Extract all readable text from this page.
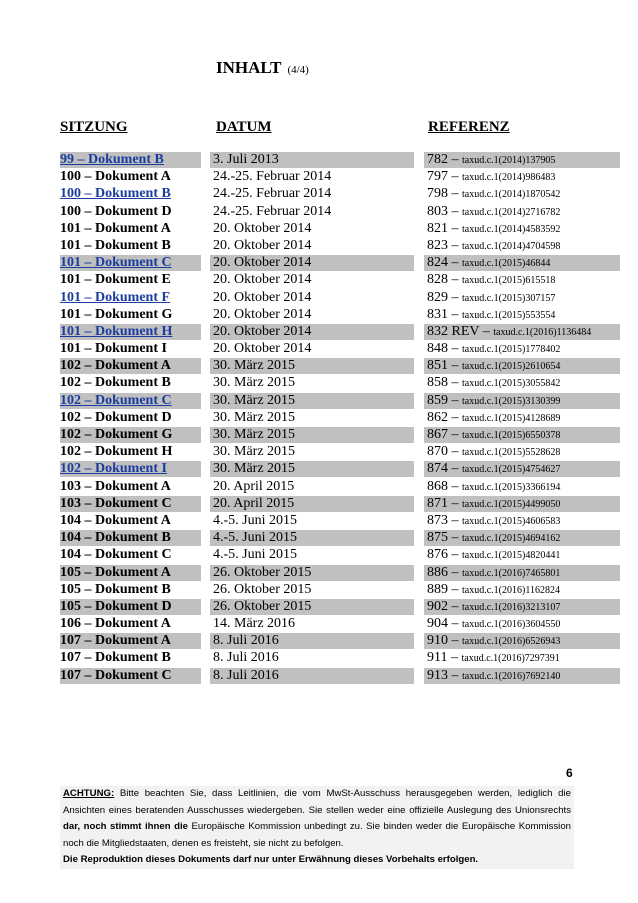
INHALT (4/4)
SITZUNG	DATUM	REFERENZ
99 – Dokument B	3. Juli 2013	782 – taxud.c.1(2014)137905
100 – Dokument A	24.-25. Februar 2014	797 – taxud.c.1(2014)986483
100 – Dokument B	24.-25. Februar 2014	798 – taxud.c.1(2014)1870542
100 – Dokument D	24.-25. Februar 2014	803 – taxud.c.1(2014)2716782
101 – Dokument A	20. Oktober 2014	821 – taxud.c.1(2014)4583592
101 – Dokument B	20. Oktober 2014	823 – taxud.c.1(2014)4704598
101 – Dokument C	20. Oktober 2014	824 – taxud.c.1(2015)46844
101 – Dokument E	20. Oktober 2014	828 – taxud.c.1(2015)615518
101 – Dokument F	20. Oktober 2014	829 – taxud.c.1(2015)307157
101 – Dokument G	20. Oktober 2014	831 – taxud.c.1(2015)553554
101 – Dokument H	20. Oktober 2014	832 REV – taxud.c.1(2016)1136484
101 – Dokument I	20. Oktober 2014	848 – taxud.c.1(2015)1778402
102 – Dokument A	30. März 2015	851 – taxud.c.1(2015)2610654
102 – Dokument B	30. März 2015	858 – taxud.c.1(2015)3055842
102 – Dokument C	30. März 2015	859 – taxud.c.1(2015)3130399
102 – Dokument D	30. März 2015	862 – taxud.c.1(2015)4128689
102 – Dokument G	30. März 2015	867 – taxud.c.1(2015)6550378
102 – Dokument H	30. März 2015	870 – taxud.c.1(2015)5528628
102 – Dokument I	30. März 2015	874 – taxud.c.1(2015)4754627
103 – Dokument A	20. April 2015	868 – taxud.c.1(2015)3366194
103 – Dokument C	20. April 2015	871 – taxud.c.1(2015)4499050
104 – Dokument A	4.-5. Juni 2015	873 – taxud.c.1(2015)4606583
104 – Dokument B	4.-5. Juni 2015	875 – taxud.c.1(2015)4694162
104 – Dokument C	4.-5. Juni 2015	876 – taxud.c.1(2015)4820441
105 – Dokument A	26. Oktober 2015	886 – taxud.c.1(2016)7465801
105 – Dokument B	26. Oktober 2015	889 – taxud.c.1(2016)1162824
105 – Dokument D	26. Oktober 2015	902 – taxud.c.1(2016)3213107
106 – Dokument A	14. März 2016	904 – taxud.c.1(2016)3604550
107 – Dokument A	8. Juli 2016	910 – taxud.c.1(2016)6526943
107 – Dokument B	8. Juli 2016	911 – taxud.c.1(2016)7297391
107 – Dokument C	8. Juli 2016	913 – taxud.c.1(2016)7692140
6
ACHTUNG: Bitte beachten Sie, dass Leitlinien, die vom MwSt-Ausschuss herausgegeben werden, lediglich die Ansichten eines beratenden Ausschusses wiedergeben. Sie stellen weder eine offizielle Auslegung des Unionsrechts dar, noch stimmt ihnen die Europäische Kommission unbedingt zu. Sie binden weder die Europäische Kommission noch die Mitgliedstaaten, denen es freisteht, sie nicht zu befolgen.
Die Reproduktion dieses Dokuments darf nur unter Erwähnung dieses Vorbehalts erfolgen.
